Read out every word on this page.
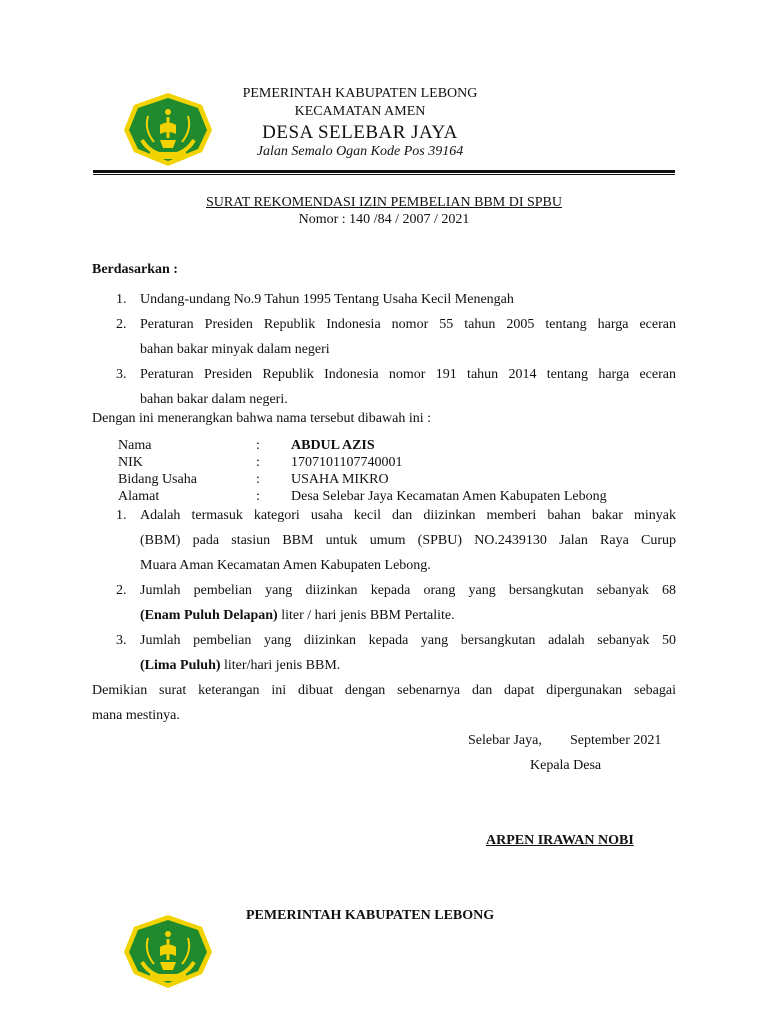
PEMERINTAH KABUPATEN LEBONG
KECAMATAN AMEN
DESA SELEBAR JAYA
Jalan Semalo Ogan Kode Pos 39164
SURAT REKOMENDASI IZIN PEMBELIAN BBM DI SPBU
Nomor : 140 /84 / 2007 / 2021
Berdasarkan :
1. Undang-undang No.9 Tahun 1995 Tentang Usaha Kecil Menengah
2. Peraturan Presiden Republik Indonesia nomor 55 tahun 2005 tentang harga eceran
bahan bakar minyak dalam negeri
3. Peraturan Presiden Republik Indonesia nomor 191 tahun 2014 tentang harga eceran
bahan bakar dalam negeri.
Dengan ini menerangkan bahwa nama tersebut dibawah ini :
Nama	: ABDUL AZIS
NIK	: 1707101107740001
Bidang Usaha	: USAHA MIKRO
Alamat	: Desa Selebar Jaya Kecamatan Amen Kabupaten Lebong
1. Adalah termasuk kategori usaha kecil dan diizinkan memberi bahan bakar minyak
(BBM) pada stasiun BBM untuk umum (SPBU) NO.2439130 Jalan Raya Curup
Muara Aman Kecamatan Amen Kabupaten Lebong.
2. Jumlah pembelian yang diizinkan kepada orang yang bersangkutan sebanyak 68
(Enam Puluh Delapan) liter / hari jenis BBM Pertalite.
3. Jumlah pembelian yang diizinkan kepada yang bersangkutan adalah sebanyak 50
(Lima Puluh) liter/hari jenis BBM.
Demikian surat keterangan ini dibuat dengan sebenarnya dan dapat dipergunakan sebagai
mana mestinya.
Selebar Jaya, September 2021
Kepala Desa
ARPEN IRAWAN NOBI
PEMERINTAH KABUPATEN LEBONG
